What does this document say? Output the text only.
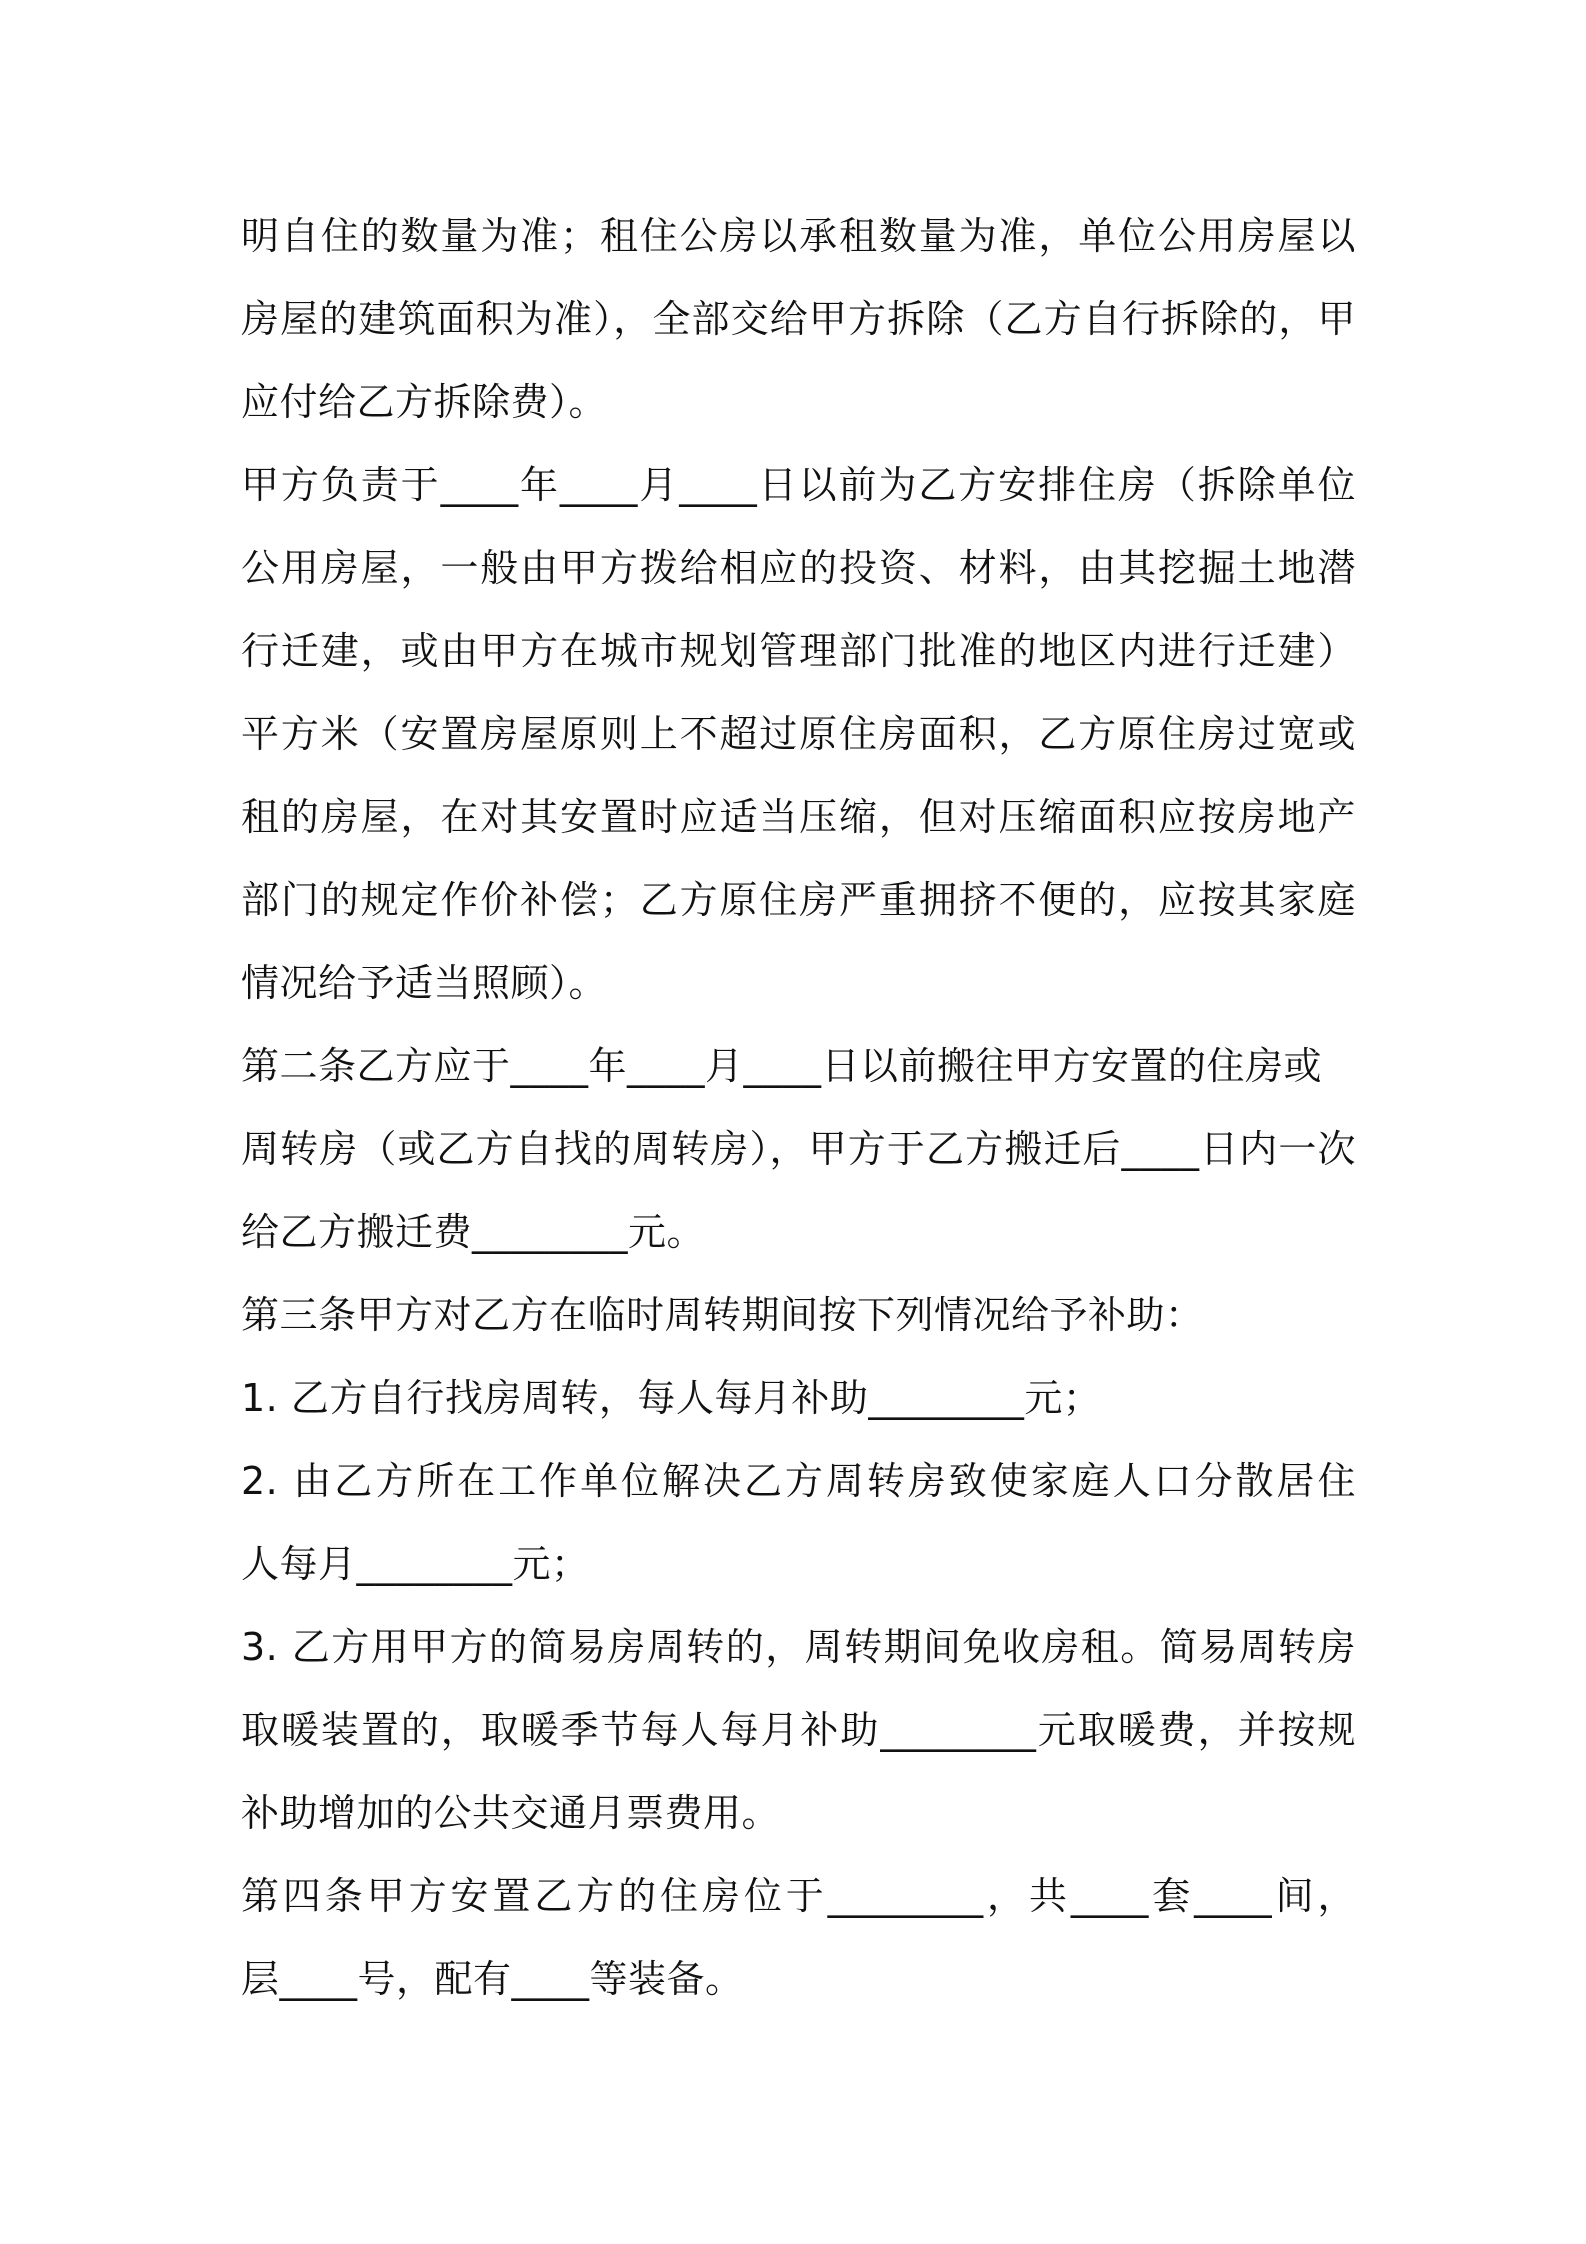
明自住的数量为准；租住公房以承租数量为准，单位公用房屋以
房屋的建筑面积为准），全部交给甲方拆除（乙方自行拆除的，甲
应付给乙方拆除费）。
甲方负责于____年____月____日以前为乙方安排住房（拆除单位
公用房屋，一般由甲方拨给相应的投资、材料，由其挖掘土地潜
行迁建，或由甲方在城市规划管理部门批准的地区内进行迁建）
平方米（安置房屋原则上不超过原住房面积，乙方原住房过宽或
租的房屋，在对其安置时应适当压缩，但对压缩面积应按房地产
部门的规定作价补偿；乙方原住房严重拥挤不便的，应按其家庭
情况给予适当照顾）。
第二条乙方应于____年____月____日以前搬往甲方安置的住房或
周转房（或乙方自找的周转房），甲方于乙方搬迁后____日内一次
给乙方搬迁费________元。
第三条甲方对乙方在临时周转期间按下列情况给予补助：
1. 乙方自行找房周转，每人每月补助________元；
2. 由乙方所在工作单位解决乙方周转房致使家庭人口分散居住
人每月________元；
3. 乙方用甲方的简易房周转的，周转期间免收房租。简易周转房
取暖装置的，取暖季节每人每月补助________元取暖费，并按规
补助增加的公共交通月票费用。
第四条甲方安置乙方的住房位于________，共____套____间，
层____号，配有____等装备。
